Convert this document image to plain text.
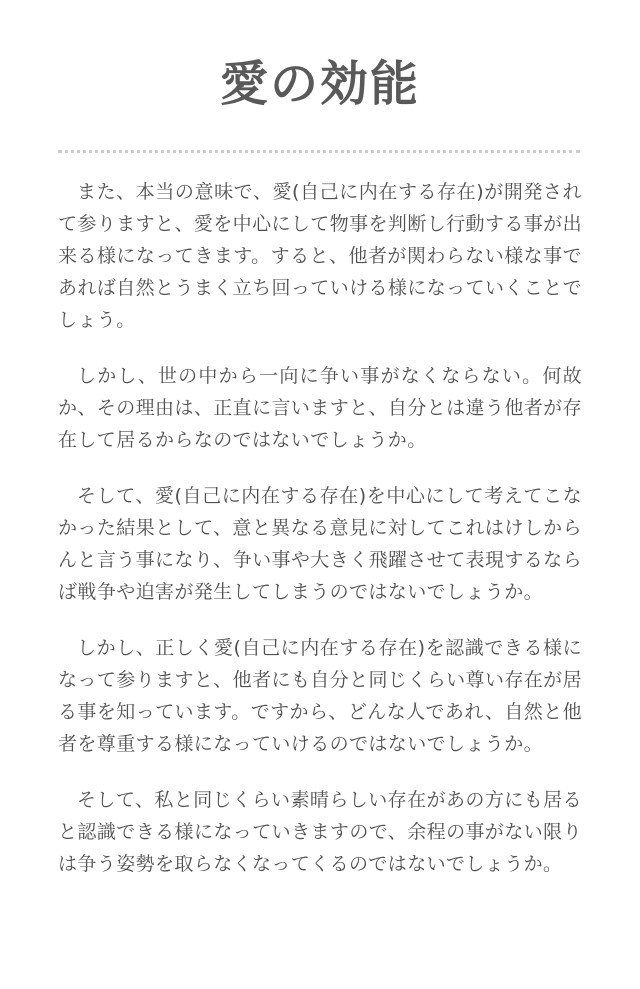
愛の効能

また、本当の意味で、愛(自己に内在する存在)が開発されて参りますと、愛を中心にして物事を判断し行動する事が出来る様になってきます。すると、他者が関わらない様な事であれば自然とうまく立ち回っていける様になっていくことでしょう。

しかし、世の中から一向に争い事がなくならない。何故か、その理由は、正直に言いますと、自分とは違う他者が存在して居るからなのではないでしょうか。

そして、愛(自己に内在する存在)を中心にして考えてこなかった結果として、意と異なる意見に対してこれはけしからんと言う事になり、争い事や大きく飛躍させて表現するならば戦争や迫害が発生してしまうのではないでしょうか。

しかし、正しく愛(自己に内在する存在)を認識できる様になって参りますと、他者にも自分と同じくらい尊い存在が居る事を知っています。ですから、どんな人であれ、自然と他者を尊重する様になっていけるのではないでしょうか。

そして、私と同じくらい素晴らしい存在があの方にも居ると認識できる様になっていきますので、余程の事がない限りは争う姿勢を取らなくなってくるのではないでしょうか。
